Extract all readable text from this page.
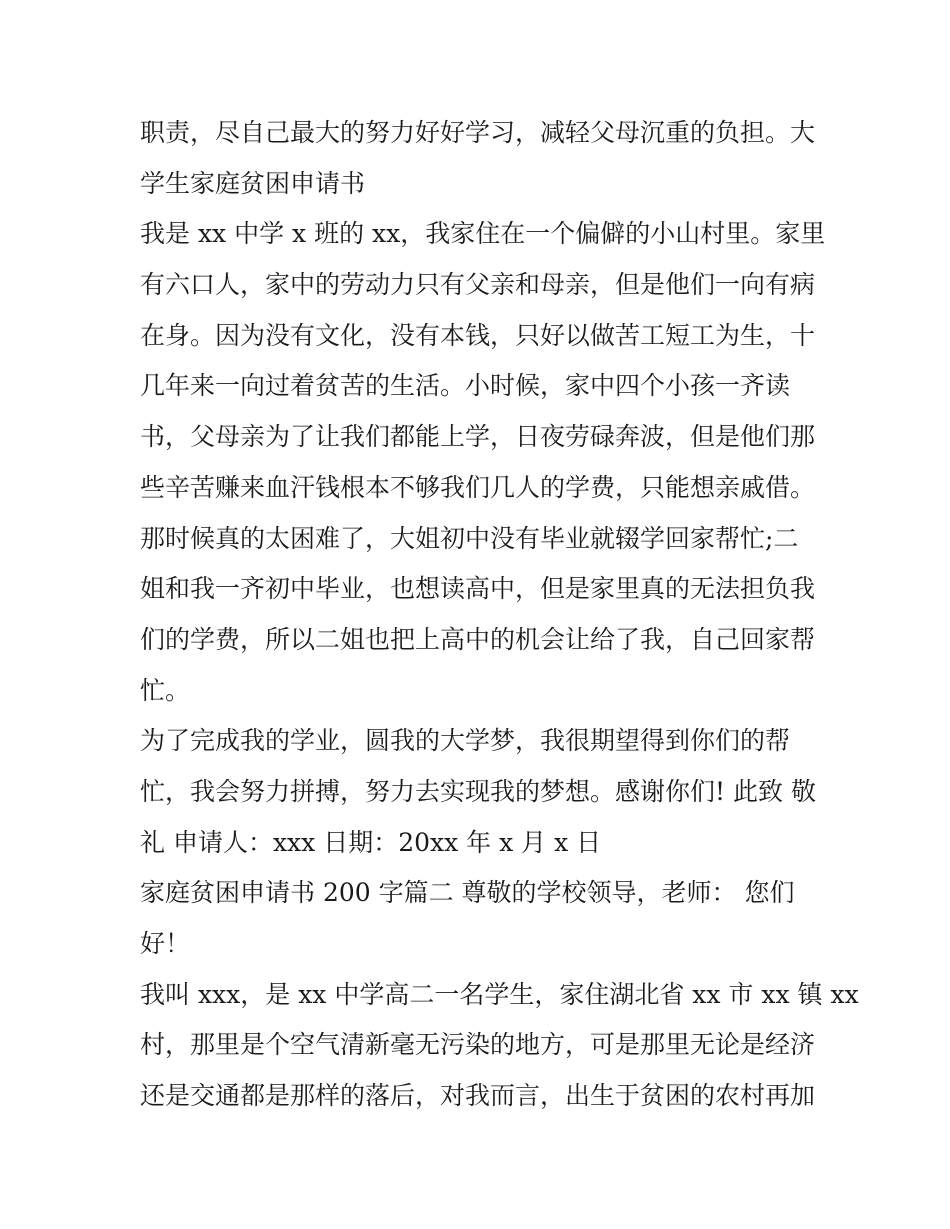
职责，尽自己最大的努力好好学习，减轻父母沉重的负担。大
学生家庭贫困申请书
我是 xx 中学 x 班的 xx，我家住在一个偏僻的小山村里。家里
有六口人，家中的劳动力只有父亲和母亲，但是他们一向有病
在身。因为没有文化，没有本钱，只好以做苦工短工为生，十
几年来一向过着贫苦的生活。小时候，家中四个小孩一齐读
书，父母亲为了让我们都能上学，日夜劳碌奔波，但是他们那
些辛苦赚来血汗钱根本不够我们几人的学费，只能想亲戚借。
那时候真的太困难了，大姐初中没有毕业就辍学回家帮忙;二
姐和我一齐初中毕业，也想读高中，但是家里真的无法担负我
们的学费，所以二姐也把上高中的机会让给了我，自己回家帮
忙。
为了完成我的学业，圆我的大学梦，我很期望得到你们的帮
忙，我会努力拼搏，努力去实现我的梦想。感谢你们! 此致 敬
礼 申请人：xxx 日期：20xx 年 x 月 x 日
家庭贫困申请书 200 字篇二 尊敬的学校领导，老师： 您们
好！
我叫 xxx，是 xx 中学高二一名学生，家住湖北省 xx 市 xx 镇 xx
村，那里是个空气清新毫无污染的地方，可是那里无论是经济
还是交通都是那样的落后，对我而言，出生于贫困的农村再加
